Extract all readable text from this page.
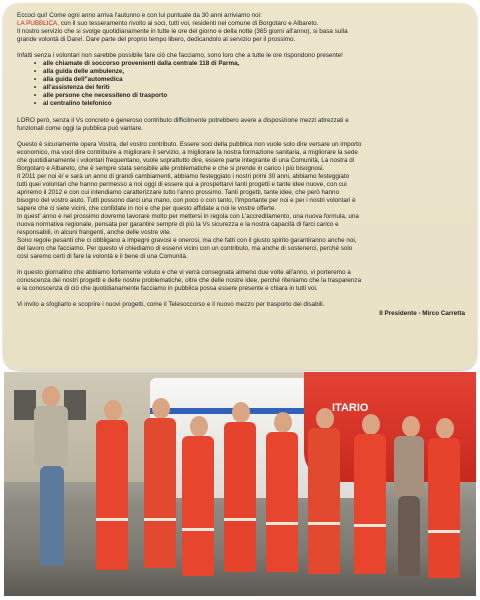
Eccoci qui! Come ogni anno arriva l'autunno e con lui puntuale da 30 anni arriviamo noi:

LA PUBBLICA, con il suo tesseramento rivolto ai soci, tutti voi, residenti nel comune di Borgotaro e Albareto.

Il nostro servizio che si svolge quotidianamente in tutte le ore del giorno e della notte (365 giorni all'anno), si basa sulla

grande volontà di Dare!. Dare parte del proprio tempo libero, dedicandolo al servizio per il prossimo.

Infatti senza i volontari non sarebbe possibile fare ciò che facciamo, sono loro che a tutte le ore rispondono presente!

• alle chiamate di soccorso provenienti dalla centrale 118 di Parma,
• alla guida delle ambulenze,
• alla guida dell"automedica
• all'assistenza dei feriti
• alle persone che necessiteno di trasporto
• al centralino telefonico

LORO però, senza il Vs concreto e generoso contributo difficilmente potrebbero avere a disposizione mezzi attrezzati e

funzionali come oggi la pubblica può vantare.

Questo è sicuramente opera Vostra, del vostro contributo. Essere soci della pubblica non vuole solo dire versare un importo

economico, ma vuol dire contribuire a migliorare il servizio, a migliorare la nostra formazione sanitaria, a migliorare la sede

che quotidianamente i volontari frequentano, vuole soprattutto dire, essere parte integrante di una Comunità, La nostra di

Borgotaro e Albareto, che è sempre stata sensibile alle problematiche e che si prende in carico i più bisognosi.

Il 2011 per noi è/ e sarà un anno di grandi cambiamenti, abbiamo festeggiato i nostri primi 30 anni, abbiamo festeggiato

tutti quei volontari che hanno permesso a noi oggi di essere qui a prospettarvi tanti progetti e tante idee nuove, con cui

apriremo il 2012 e con cui intendiamo caratterizzare tutto l'anno prossimo. Tanti progetti, tante idee, che però hanno

bisogno del vostro aiuto. Tutti possono darci una mano, con poco o con tanto, l'importante per noi e per i nostri volontari è

sapere che ci siete vicini, che confidate in noi e che per questo affidate a noi le vostre offerte.

In quest' anno e nel prossimo dovremo lavorare molto per mettersi in regola con L'accreditamento, una nuova formula, una

nuova normativa regionale, pensata per garantire sempre di più la Vs sicurezza e la nostra capacità di farci carico e

responsabili, in alcuni frangenti, anche delle vostre vite.

Sono regole pesanti che ci obbligano a impegni gravosi e onerosi, ma che fatti con il giusto spirito garantiranno anche noi,

del lavoro che facciamo. Per questo vi chiediamo di esservi vicini con un contributo, ma anche di sostenerci, perché solo

così saremo certi di fare la volontà e il bene di una Comunità.

In questo giornalino che abbiamo fortemente voluto e che vi verrà consegnata almeno due volte all'anno, vi porteremo a

conoscenza dei nostri progetti e delle nostre problematiche, oltre che delle nostre idee, perché riteniamo che la trasparenza

e la conoscenza di ciò che quotidianamente facciamo in pubblica possa essere presente e chiara in tutti voi.

Vi invito a sfogliarlo e scoprire i nuovi progetti, come il Telesoccorso e il nuovo mezzo per trasporto dei disabili.

Il Presidente - Mirco Carretta

ITARIO
